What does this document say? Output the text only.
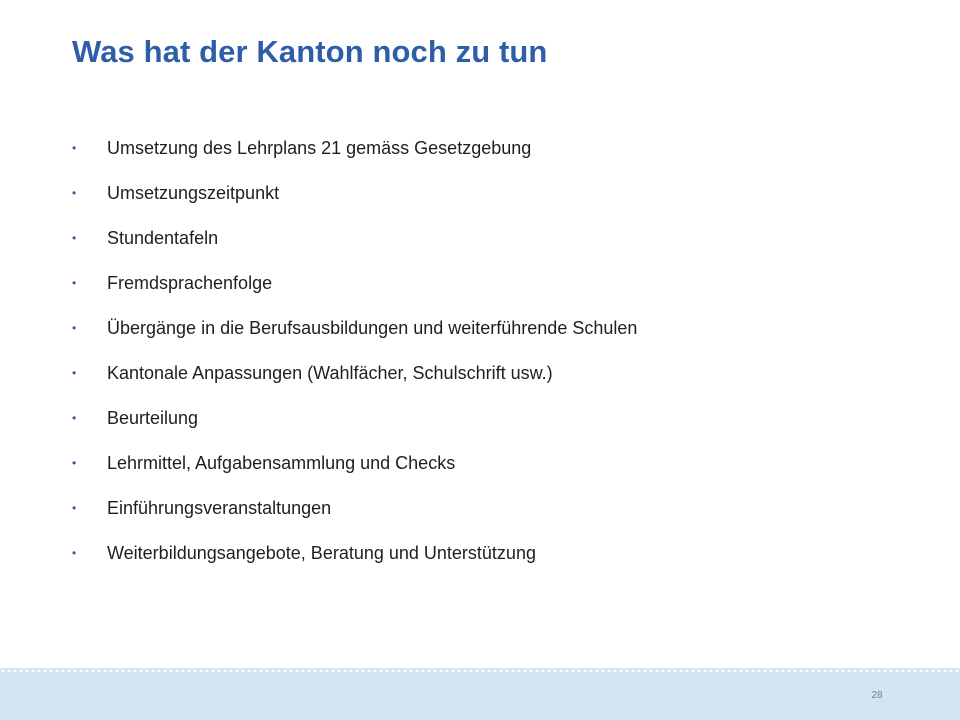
Was hat der Kanton noch zu tun
•	Umsetzung des Lehrplans 21 gemäss Gesetzgebung
•	Umsetzungszeitpunkt
•	Stundentafeln
•	Fremdsprachenfolge
•	Übergänge in die Berufsausbildungen und weiterführende Schulen
•	Kantonale Anpassungen (Wahlfächer, Schulschrift usw.)
•	Beurteilung
•	Lehrmittel, Aufgabensammlung und Checks
•	Einführungsveranstaltungen
•	Weiterbildungsangebote, Beratung und Unterstützung
28
